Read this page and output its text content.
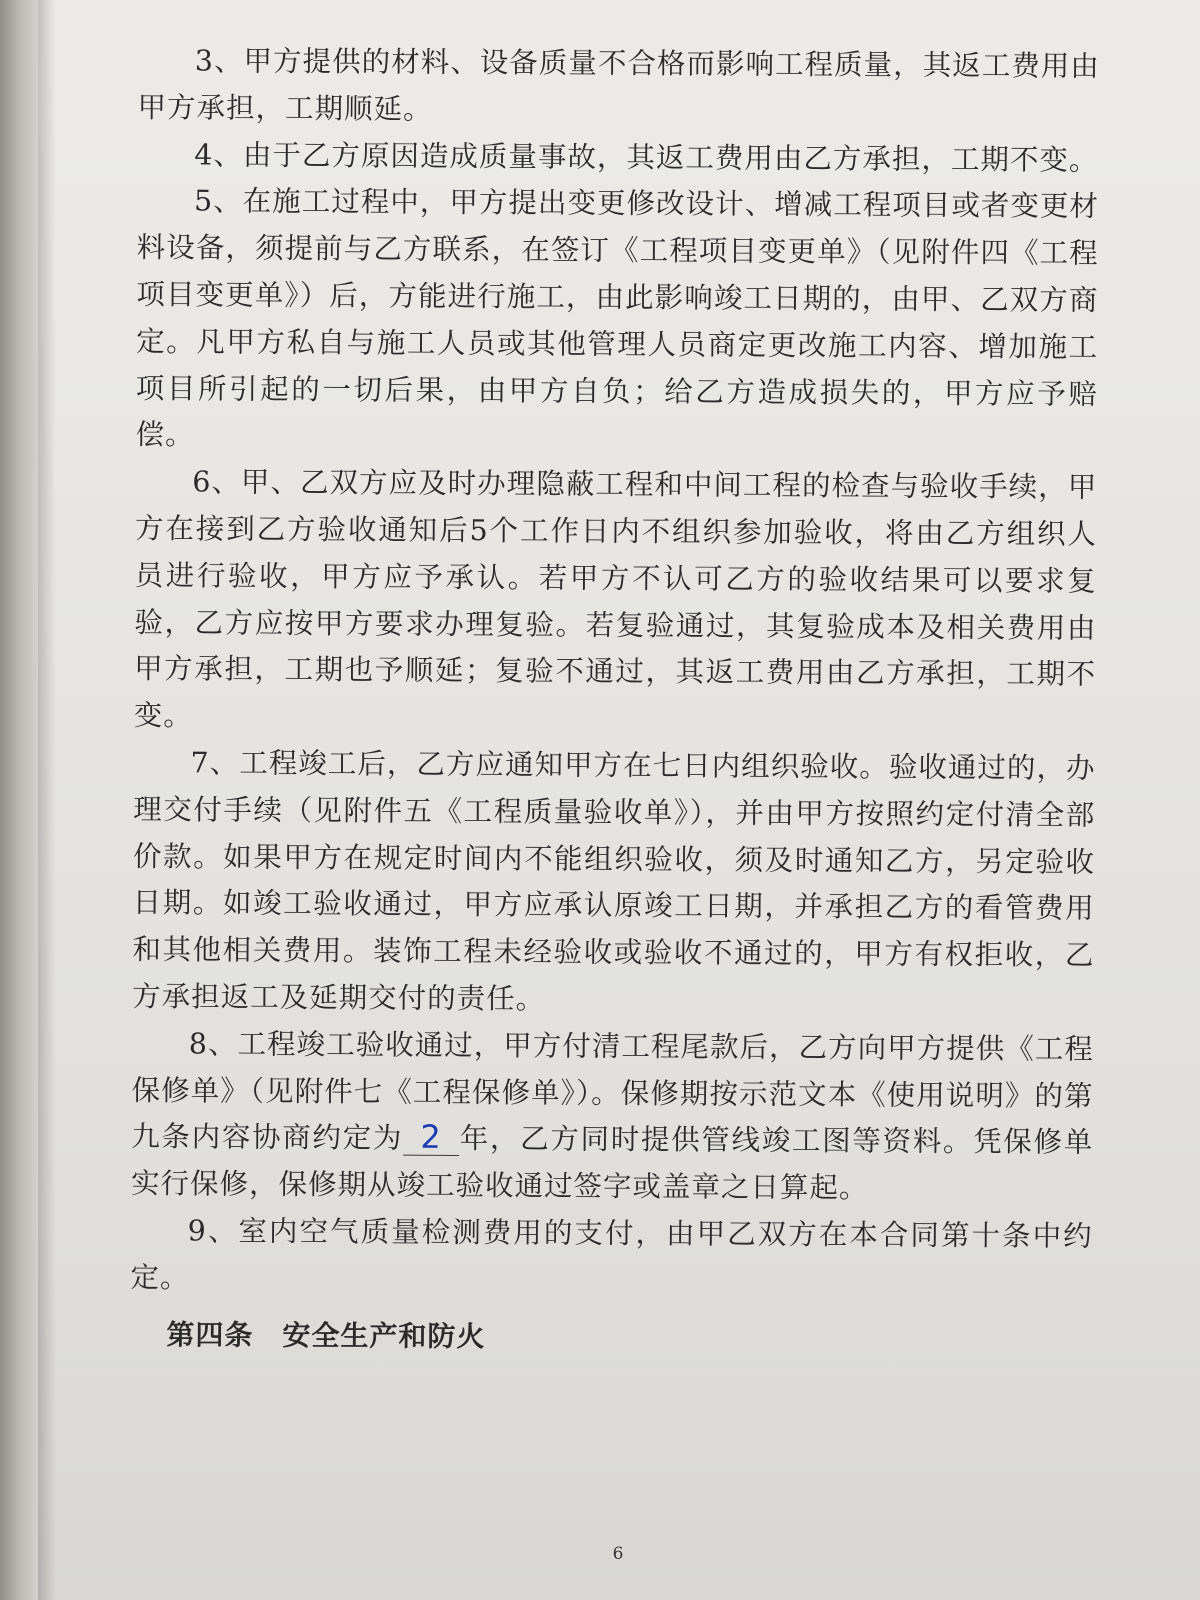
3、甲方提供的材料、设备质量不合格而影响工程质量，其返工费用由甲方承担，工期顺延。

4、由于乙方原因造成质量事故，其返工费用由乙方承担，工期不变。

5、在施工过程中，甲方提出变更修改设计、增减工程项目或者变更材料设备，须提前与乙方联系，在签订《工程项目变更单》（见附件四《工程项目变更单》）后，方能进行施工，由此影响竣工日期的，由甲、乙双方商定。凡甲方私自与施工人员或其他管理人员商定更改施工内容、增加施工项目所引起的一切后果，由甲方自负；给乙方造成损失的，甲方应予赔偿。

6、甲、乙双方应及时办理隐蔽工程和中间工程的检查与验收手续，甲方在接到乙方验收通知后5个工作日内不组织参加验收，将由乙方组织人员进行验收，甲方应予承认。若甲方不认可乙方的验收结果可以要求复验，乙方应按甲方要求办理复验。若复验通过，其复验成本及相关费用由甲方承担，工期也予顺延；复验不通过，其返工费用由乙方承担，工期不变。

7、工程竣工后，乙方应通知甲方在七日内组织验收。验收通过的，办理交付手续（见附件五《工程质量验收单》），并由甲方按照约定付清全部价款。如果甲方在规定时间内不能组织验收，须及时通知乙方，另定验收日期。如竣工验收通过，甲方应承认原竣工日期，并承担乙方的看管费用和其他相关费用。装饰工程未经验收或验收不通过的，甲方有权拒收，乙方承担返工及延期交付的责任。

8、工程竣工验收通过，甲方付清工程尾款后，乙方向甲方提供《工程保修单》（见附件七《工程保修单》）。保修期按示范文本《使用说明》的第九条内容协商约定为 2 年，乙方同时提供管线竣工图等资料。凭保修单实行保修，保修期从竣工验收通过签字或盖章之日算起。

9、室内空气质量检测费用的支付，由甲乙双方在本合同第十条中约定。

第四条　安全生产和防火

6
